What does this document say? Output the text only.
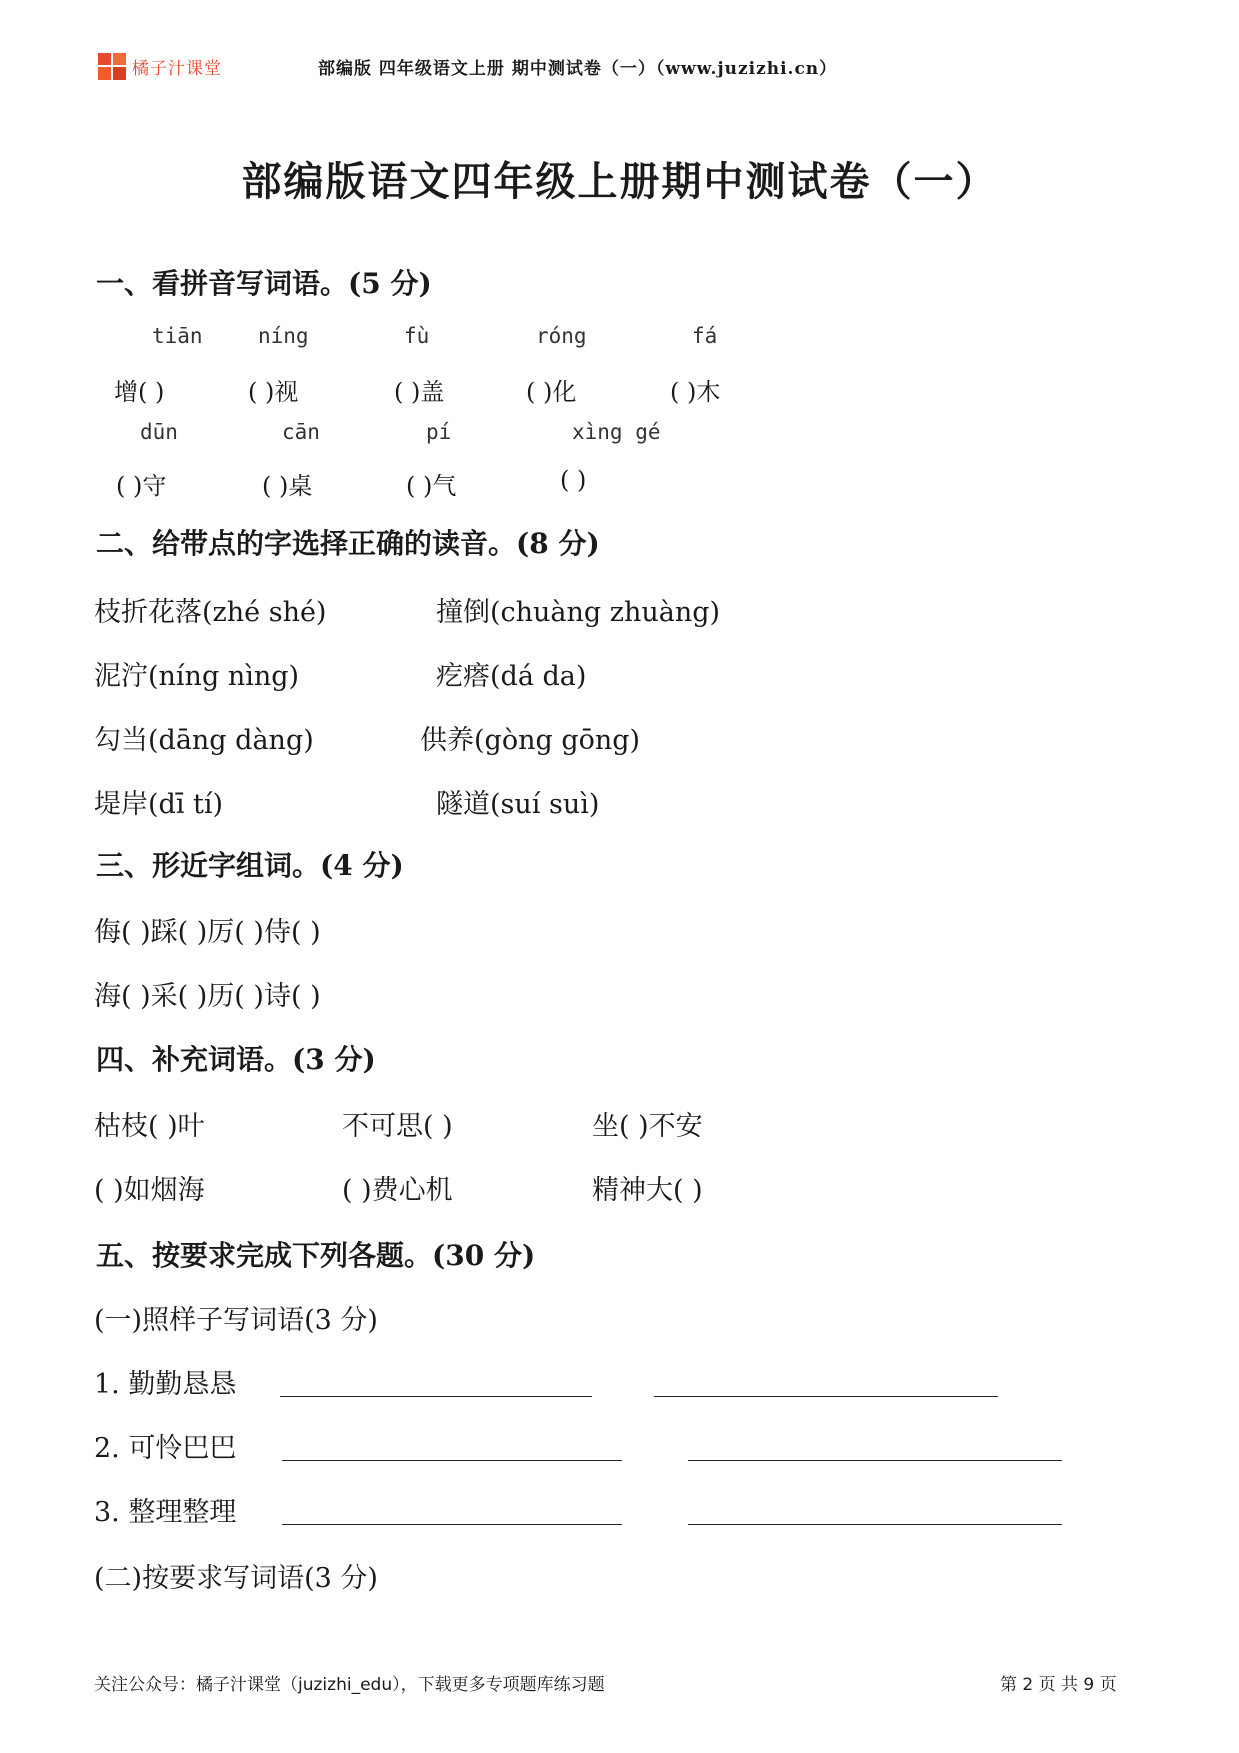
橘子汁课堂	部编版 四年级语文上册 期中测试卷（一）（www.juzizhi.cn）
部编版语文四年级上册期中测试卷（一）
一、看拼音写词语。(5 分)
tiān	níng	fù	róng	fá
增( )	( )视	( )盖	( )化	( )木
dūn	cān	pí	xìng gé
( )守	( )桌	( )气	( )
二、给带点的字选择正确的读音。(8 分)
枝折花落(zhé shé)	撞倒(chuàng zhuàng)
泥泞(níng nìng)	疙瘩(dá da)
勾当(dāng dàng)	供养(gòng gōng)
堤岸(dī tí)	隧道(suí suì)
三、形近字组词。(4 分)
侮( )踩( )厉( )侍( )
海( )采( )历( )诗( )
四、补充词语。(3 分)
枯枝( )叶	不可思( )	坐( )不安
( )如烟海	( )费心机	精神大( )
五、按要求完成下列各题。(30 分)
(一)照样子写词语(3 分)
1. 勤勤恳恳
2. 可怜巴巴
3. 整理整理
(二)按要求写词语(3 分)
关注公众号：橘子汁课堂（juzizhi_edu），下载更多专项题库练习题	第 2 页 共 9 页
